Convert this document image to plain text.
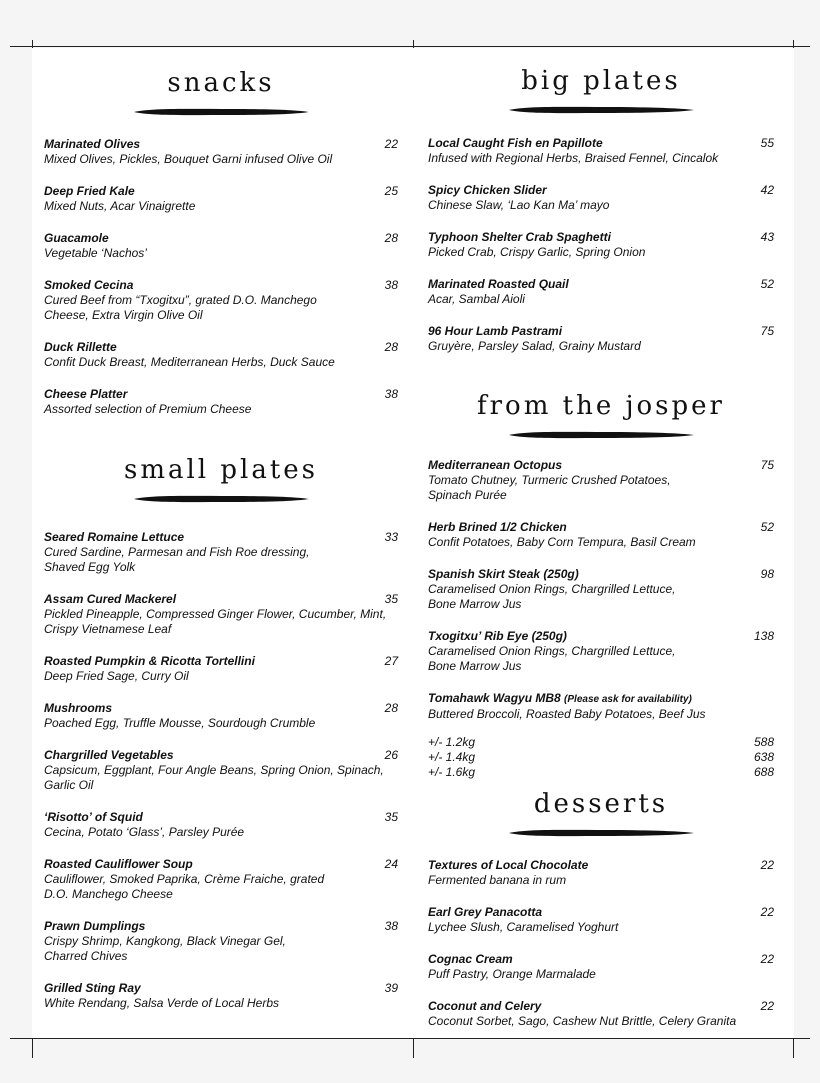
snacks
Marinated Olives
Mixed Olives, Pickles, Bouquet Garni infused Olive Oil
22
Deep Fried Kale
Mixed Nuts, Acar Vinaigrette
25
Guacamole
Vegetable ‘Nachos’
28
Smoked Cecina
Cured Beef from “Txogitxu”, grated D.O. Manchego Cheese, Extra Virgin Olive Oil
38
Duck Rillette
Confit Duck Breast, Mediterranean Herbs, Duck Sauce
28
Cheese Platter
Assorted selection of Premium Cheese
38
small plates
Seared Romaine Lettuce
Cured Sardine, Parmesan and Fish Roe dressing, Shaved Egg Yolk
33
Assam Cured Mackerel
Pickled Pineapple, Compressed Ginger Flower, Cucumber, Mint, Crispy Vietnamese Leaf
35
Roasted Pumpkin & Ricotta Tortellini
Deep Fried Sage, Curry Oil
27
Mushrooms
Poached Egg, Truffle Mousse, Sourdough Crumble
28
Chargrilled Vegetables
Capsicum, Eggplant, Four Angle Beans, Spring Onion, Spinach, Garlic Oil
26
‘Risotto’ of Squid
Cecina, Potato ‘Glass’, Parsley Purée
35
Roasted Cauliflower Soup
Cauliflower, Smoked Paprika, Crème Fraiche, grated D.O. Manchego Cheese
24
Prawn Dumplings
Crispy Shrimp, Kangkong, Black Vinegar Gel, Charred Chives
38
Grilled Sting Ray
White Rendang, Salsa Verde of Local Herbs
39
big plates
Local Caught Fish en Papillote
Infused with Regional Herbs, Braised Fennel, Cincalok
55
Spicy Chicken Slider
Chinese Slaw, ‘Lao Kan Ma’ mayo
42
Typhoon Shelter Crab Spaghetti
Picked Crab, Crispy Garlic, Spring Onion
43
Marinated Roasted Quail
Acar, Sambal Aioli
52
96 Hour Lamb Pastrami
Gruyère, Parsley Salad, Grainy Mustard
75
from the josper
Mediterranean Octopus
Tomato Chutney, Turmeric Crushed Potatoes, Spinach Purée
75
Herb Brined 1/2 Chicken
Confit Potatoes, Baby Corn Tempura, Basil Cream
52
Spanish Skirt Steak (250g)
Caramelised Onion Rings, Chargrilled Lettuce, Bone Marrow Jus
98
Txogitxu’ Rib Eye (250g)
Caramelised Onion Rings, Chargrilled Lettuce, Bone Marrow Jus
138
Tomahawk Wagyu MB8 (Please ask for availability)
Buttered Broccoli, Roasted Baby Potatoes, Beef Jus
+/- 1.2kg	588
+/- 1.4kg	638
+/- 1.6kg	688
desserts
Textures of Local Chocolate
Fermented banana in rum
22
Earl Grey Panacotta
Lychee Slush, Caramelised Yoghurt
22
Cognac Cream
Puff Pastry, Orange Marmalade
22
Coconut and Celery
Coconut Sorbet, Sago, Cashew Nut Brittle, Celery Granita
22
